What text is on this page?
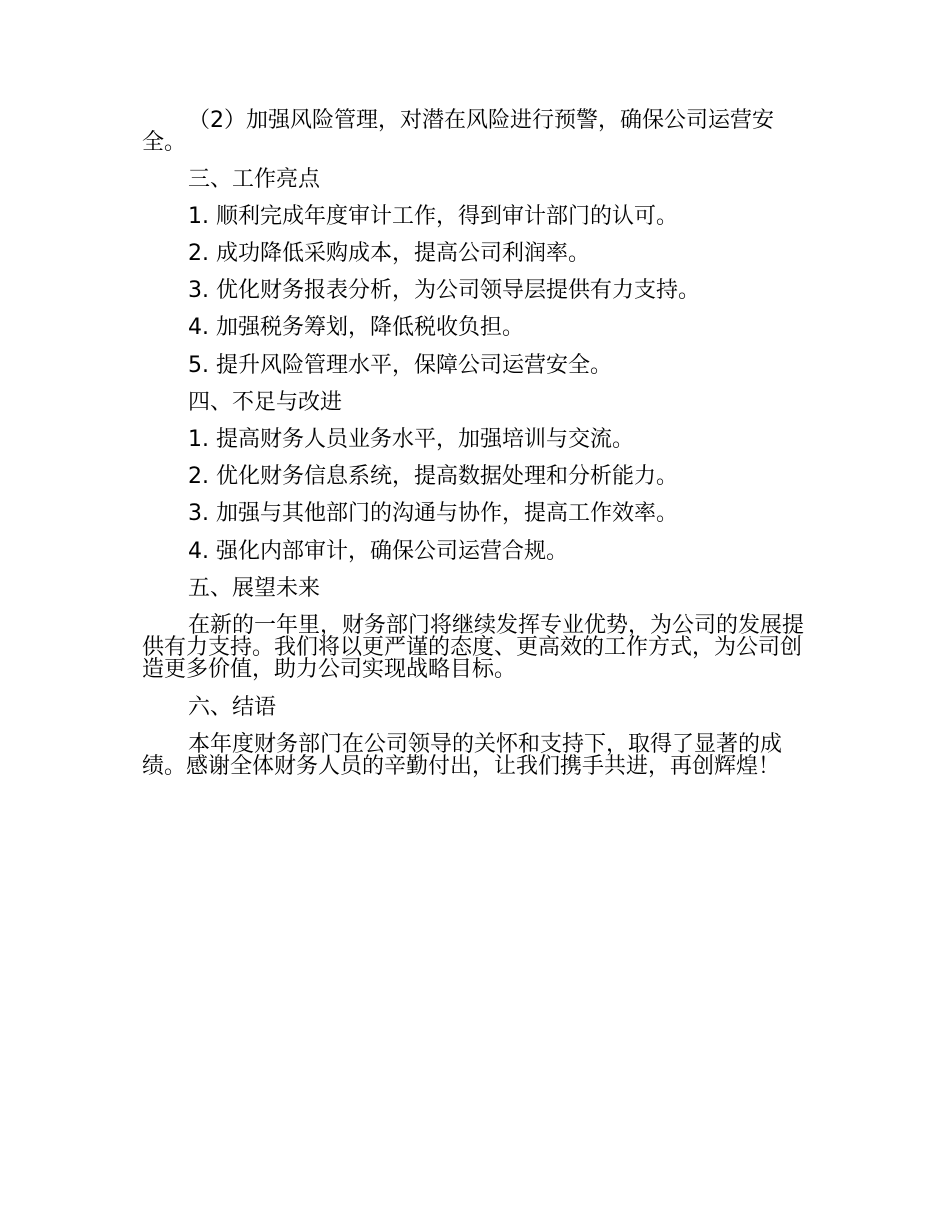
（2）加强风险管理，对潜在风险进行预警，确保公司运营安全。
三、工作亮点
1. 顺利完成年度审计工作，得到审计部门的认可。
2. 成功降低采购成本，提高公司利润率。
3. 优化财务报表分析，为公司领导层提供有力支持。
4. 加强税务筹划，降低税收负担。
5. 提升风险管理水平，保障公司运营安全。
四、不足与改进
1. 提高财务人员业务水平，加强培训与交流。
2. 优化财务信息系统，提高数据处理和分析能力。
3. 加强与其他部门的沟通与协作，提高工作效率。
4. 强化内部审计，确保公司运营合规。
五、展望未来
在新的一年里，财务部门将继续发挥专业优势，为公司的发展提供有力支持。我们将以更严谨的态度、更高效的工作方式，为公司创造更多价值，助力公司实现战略目标。
六、结语
本年度财务部门在公司领导的关怀和支持下，取得了显著的成绩。感谢全体财务人员的辛勤付出，让我们携手共进，再创辉煌！
